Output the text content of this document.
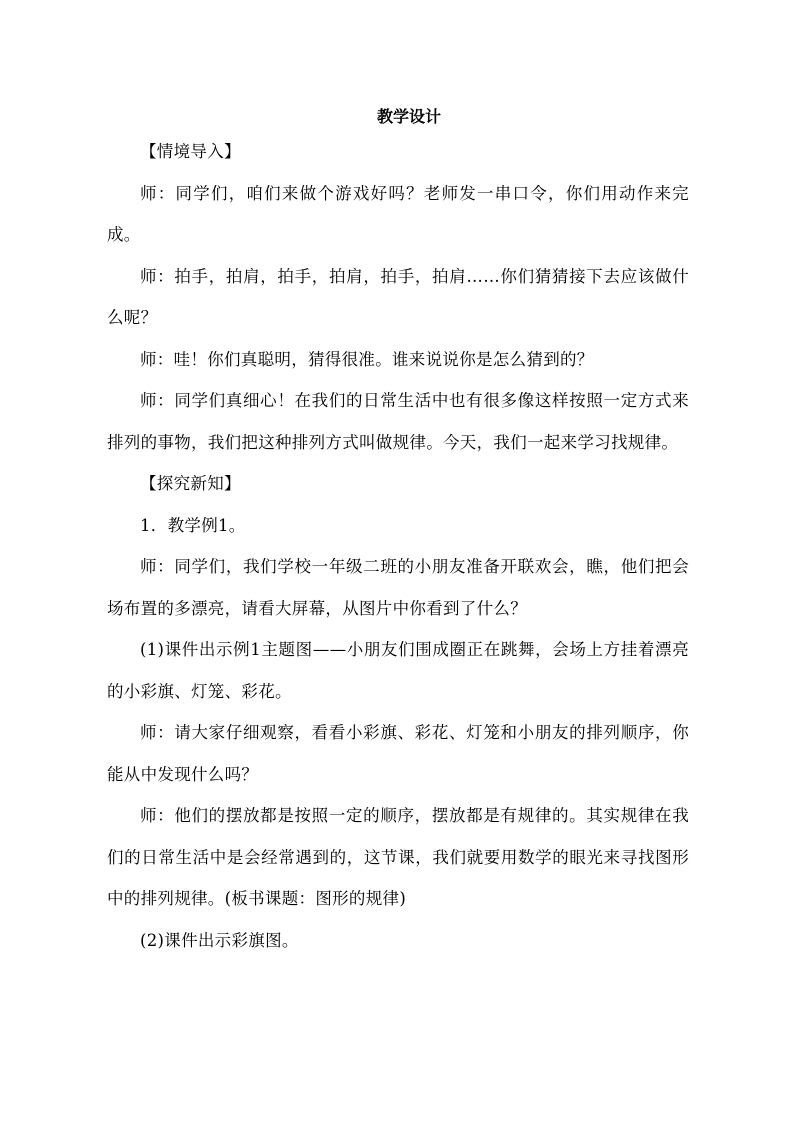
教学设计

【情境导入】

师：同学们，咱们来做个游戏好吗？老师发一串口令，你们用动作来完成。

师：拍手，拍肩，拍手，拍肩，拍手，拍肩……你们猜猜接下去应该做什么呢？

师：哇！你们真聪明，猜得很准。谁来说说你是怎么猜到的？

师：同学们真细心！在我们的日常生活中也有很多像这样按照一定方式来排列的事物，我们把这种排列方式叫做规律。今天，我们一起来学习找规律。

【探究新知】

1．教学例1。

师：同学们，我们学校一年级二班的小朋友准备开联欢会，瞧，他们把会场布置的多漂亮，请看大屏幕，从图片中你看到了什么？

(1)课件出示例1主题图——小朋友们围成圈正在跳舞，会场上方挂着漂亮的小彩旗、灯笼、彩花。

师：请大家仔细观察，看看小彩旗、彩花、灯笼和小朋友的排列顺序，你能从中发现什么吗？

师：他们的摆放都是按照一定的顺序，摆放都是有规律的。其实规律在我们的日常生活中是会经常遇到的，这节课，我们就要用数学的眼光来寻找图形中的排列规律。(板书课题：图形的规律)

(2)课件出示彩旗图。
